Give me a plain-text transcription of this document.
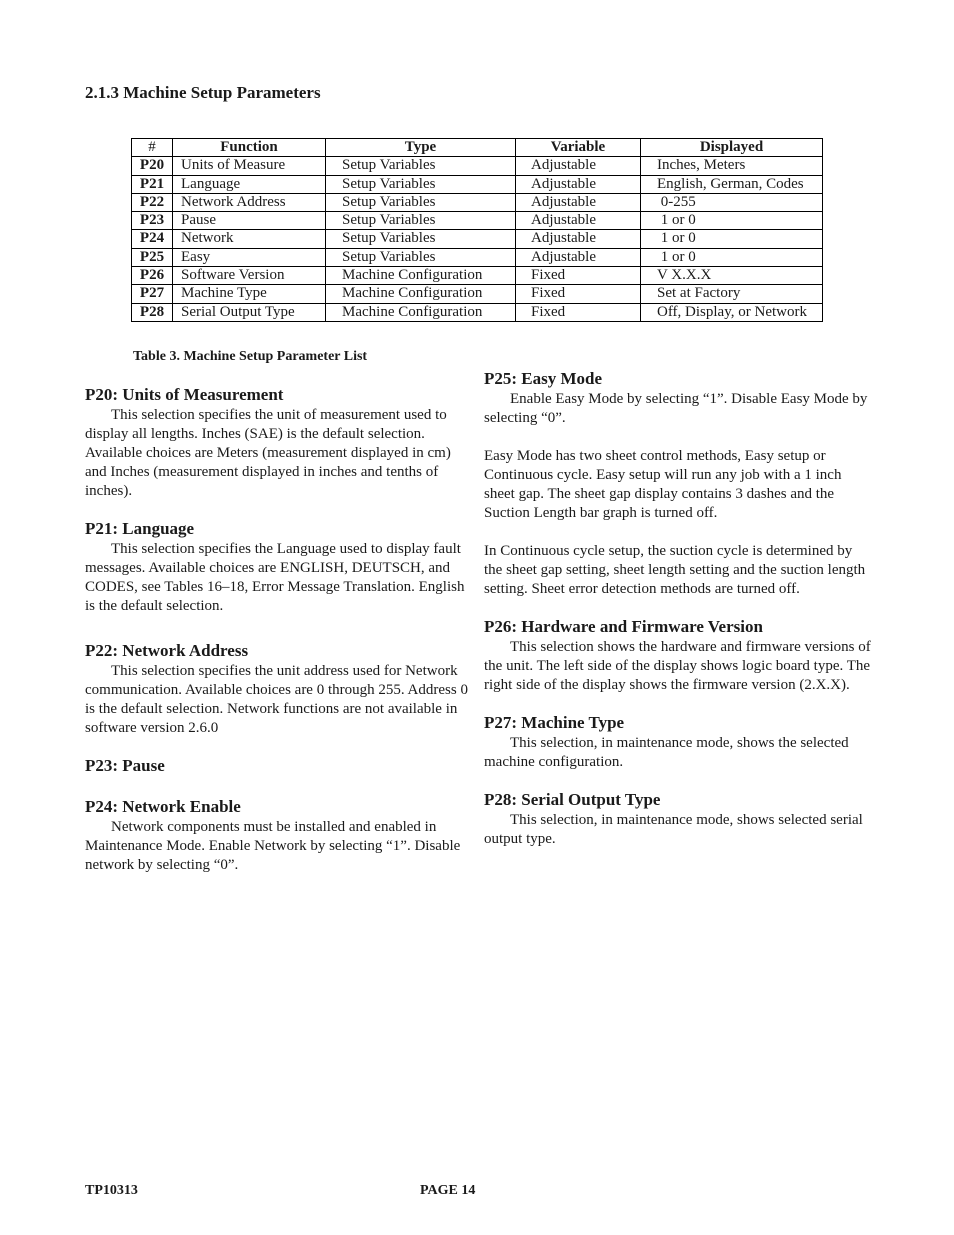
2.1.3 Machine Setup Parameters
#	Function	Type	Variable	Displayed
P20	Units of Measure	Setup Variables	Adjustable	Inches, Meters
P21	Language	Setup Variables	Adjustable	English, German, Codes
P22	Network Address	Setup Variables	Adjustable	0-255
P23	Pause	Setup Variables	Adjustable	1 or 0
P24	Network	Setup Variables	Adjustable	1 or 0
P25	Easy	Setup Variables	Adjustable	1 or 0
P26	Software Version	Machine Configuration	Fixed	V X.X.X
P27	Machine Type	Machine Configuration	Fixed	Set at Factory
P28	Serial Output Type	Machine Configuration	Fixed	Off, Display, or Network
Table 3. Machine Setup Parameter List
P20: Units of Measurement

This selection specifies the unit of measurement used to display all lengths. Inches (SAE) is the default selection. Available choices are Meters (measurement displayed in cm) and Inches (measurement displayed in inches and tenths of inches).

P21: Language

This selection specifies the Language used to display fault messages. Available choices are ENGLISH, DEUTSCH, and CODES, see Tables 16–18, Error Message Translation. English is the default selection.

P22: Network Address

This selection specifies the unit address used for Network communication. Available choices are 0 through 255. Address 0 is the default selection. Network functions are not available in software version 2.6.0

P23: Pause
P24: Network Enable

Network components must be installed and enabled in Maintenance Mode. Enable Network by selecting “1”. Disable network by selecting “0”.

P25: Easy Mode

Enable Easy Mode by selecting “1”. Disable Easy Mode by selecting “0”.

Easy Mode has two sheet control methods, Easy setup or Continuous cycle. Easy setup will run any job with a 1 inch sheet gap. The sheet gap display contains 3 dashes and the Suction Length bar graph is turned off.

In Continuous cycle setup, the suction cycle is determined by the sheet gap setting, sheet length setting and the suction length setting. Sheet error detection methods are turned off.

P26: Hardware and Firmware Version

This selection shows the hardware and firmware versions of the unit. The left side of the display shows logic board type. The right side of the display shows the firmware version (2.X.X).

P27: Machine Type

This selection, in maintenance mode, shows the selected machine configuration.

P28: Serial Output Type

This selection, in maintenance mode, shows selected serial output type.

TP10313	PAGE 14
